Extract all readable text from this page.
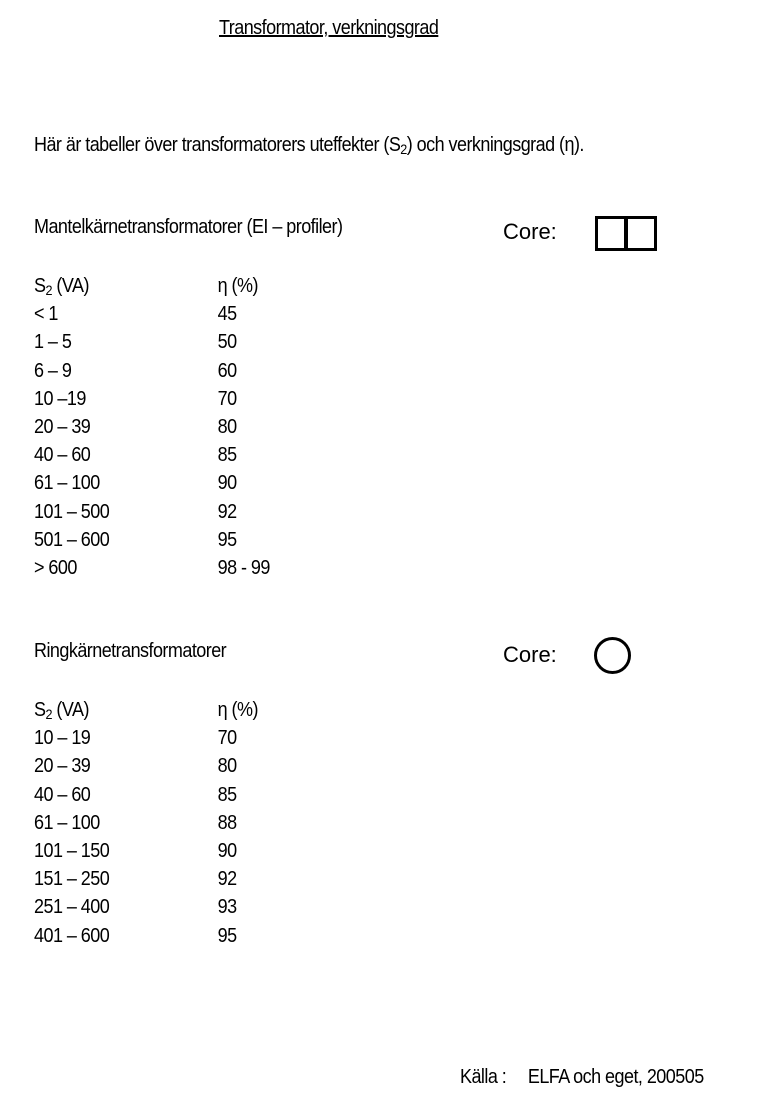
Transformator, verkningsgrad
Här är tabeller över transformatorers uteffekter $(S_2)$ och verkningsgrad (η).
Mantelkärnetransformatorer (EI – profiler)	Core:
$S_2$ (VA)	η (%)
< 1	45
1 – 5	50
6 – 9	60
10 –19	70
20 – 39	80
40 – 60	85
61 – 100	90
101 – 500	92
501 – 600	95
> 600	98 - 99
Ringkärnetransformatorer	Core:
$S_2$ (VA)	η (%)
10 – 19	70
20 – 39	80
40 – 60	85
61 – 100	88
101 – 150	90
151 – 250	92
251 – 400	93
401 – 600	95
Källa : ELFA och eget, 200505
